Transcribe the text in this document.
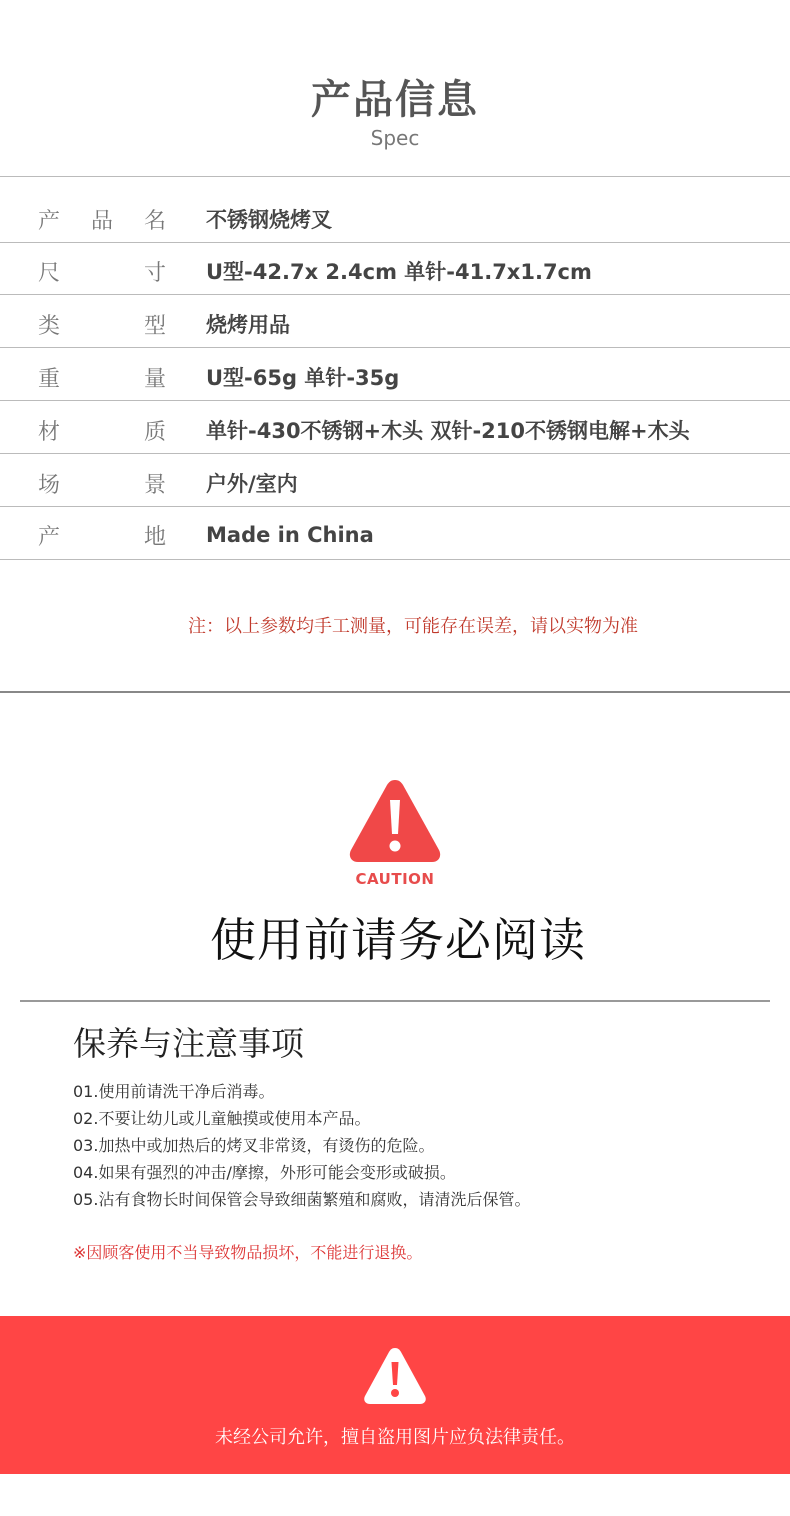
产品信息
Spec
产 品 名 不锈钢烧烤叉
尺	寸 U型-42.7x 2.4cm 单针-41.7x1.7cm
类	型 烧烤用品
重	量 U型-65g 单针-35g
材	质 单针-430不锈钢+木头 双针-210不锈钢电解+木头
场	景 户外/室内
产	地 Made in China
注：以上参数均手工测量，可能存在误差，请以实物为准
CAUTION
使用前请务必阅读
保养与注意事项
01.使用前请洗干净后消毒。
02.不要让幼儿或儿童触摸或使用本产品。
03.加热中或加热后的烤叉非常烫，有烫伤的危险。
04.如果有强烈的冲击/摩擦，外形可能会变形或破损。
05.沾有食物长时间保管会导致细菌繁殖和腐败，请清洗后保管。
※因顾客使用不当导致物品损坏，不能进行退换。
未经公司允许，擅自盗用图片应负法律责任。
